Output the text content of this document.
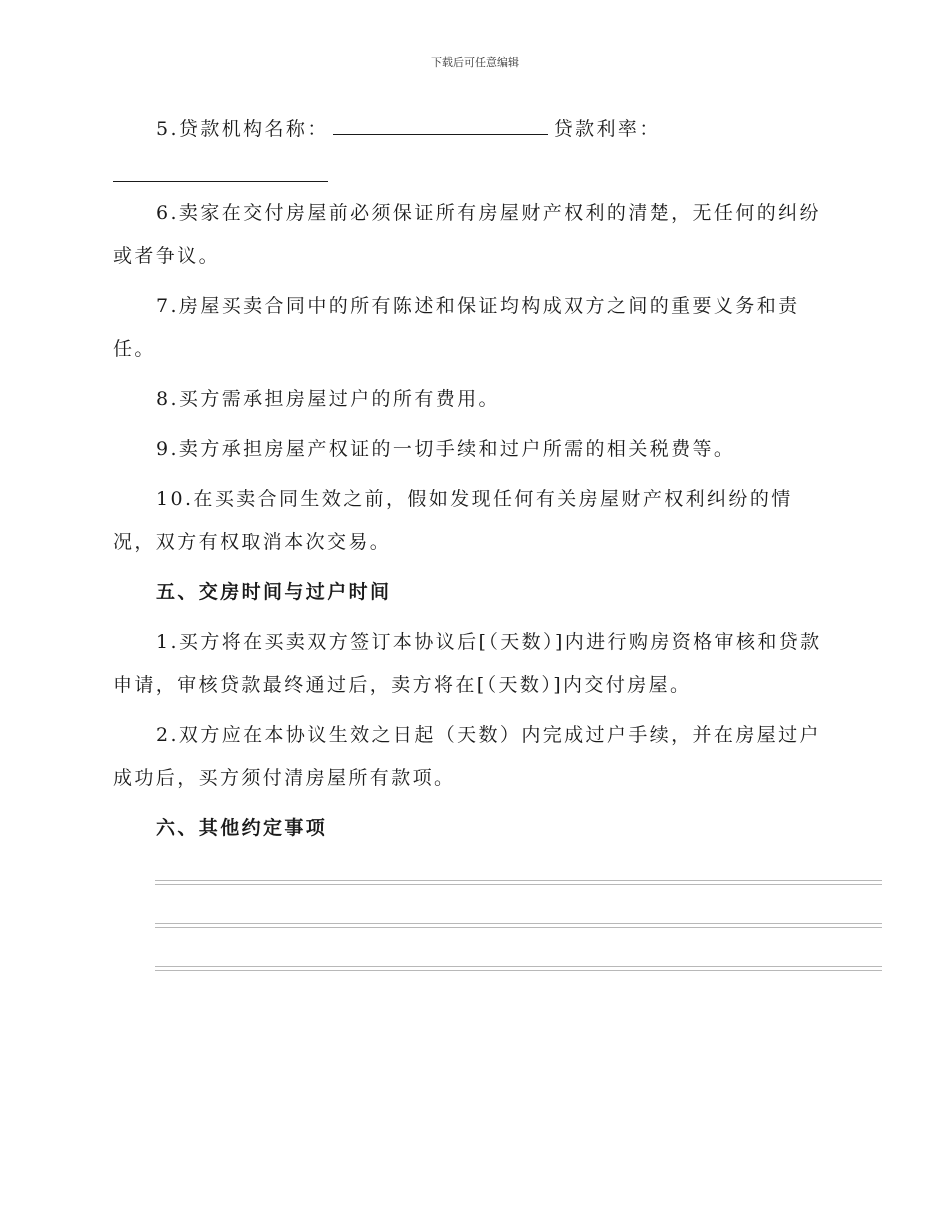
下载后可任意编辑

5.贷款机构名称：	贷款利率：

6.卖家在交付房屋前必须保证所有房屋财产权利的清楚，无任何的纠纷或者争议。

7.房屋买卖合同中的所有陈述和保证均构成双方之间的重要义务和责任。

8.买方需承担房屋过户的所有费用。

9.卖方承担房屋产权证的一切手续和过户所需的相关税费等。

10.在买卖合同生效之前，假如发现任何有关房屋财产权利纠纷的情况，双方有权取消本次交易。

五、交房时间与过户时间

1.买方将在买卖双方签订本协议后[（天数）]内进行购房资格审核和贷款申请，审核贷款最终通过后，卖方将在[（天数）]内交付房屋。

2.双方应在本协议生效之日起（天数）内完成过户手续，并在房屋过户成功后，买方须付清房屋所有款项。

六、其他约定事项
